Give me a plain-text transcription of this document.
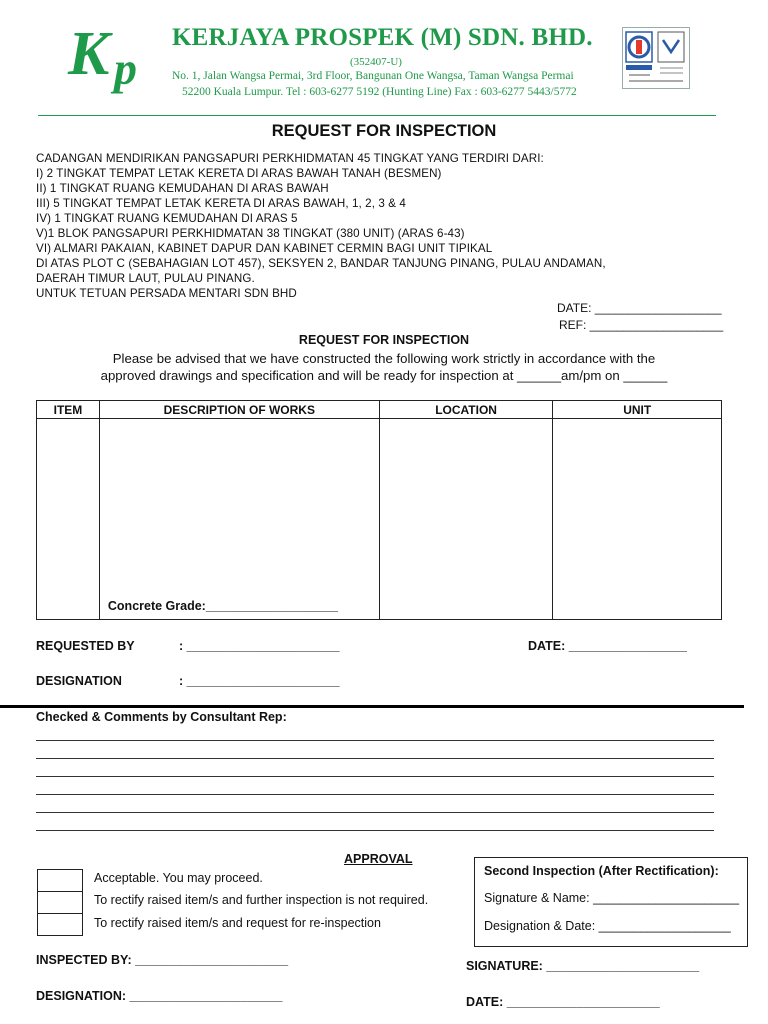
K p
KERJAYA PROSPEK (M) SDN. BHD.
(352407-U)
No. 1, Jalan Wangsa Permai, 3rd Floor, Bangunan One Wangsa, Taman Wangsa Permai
52200 Kuala Lumpur. Tel : 603-6277 5192 (Hunting Line) Fax : 603-6277 5443/5772
REQUEST FOR INSPECTION
CADANGAN MENDIRIKAN PANGSAPURI PERKHIDMATAN 45 TINGKAT YANG TERDIRI DARI:
I) 2 TINGKAT TEMPAT LETAK KERETA DI ARAS BAWAH TANAH (BESMEN)
II) 1 TINGKAT RUANG KEMUDAHAN DI ARAS BAWAH
III) 5 TINGKAT TEMPAT LETAK KERETA DI ARAS BAWAH, 1, 2, 3 & 4
IV) 1 TINGKAT RUANG KEMUDAHAN DI ARAS 5
V)1 BLOK PANGSAPURI PERKHIDMATAN 38 TINGKAT (380 UNIT) (ARAS 6-43)
VI) ALMARI PAKAIAN, KABINET DAPUR DAN KABINET CERMIN BAGI UNIT TIPIKAL
DI ATAS PLOT C (SEBAHAGIAN LOT 457), SEKSYEN 2, BANDAR TANJUNG PINANG, PULAU ANDAMAN,
DAERAH TIMUR LAUT, PULAU PINANG.
UNTUK TETUAN PERSADA MENTARI SDN BHD
DATE: ___________________
REF: ____________________
REQUEST FOR INSPECTION
Please be advised that we have constructed the following work strictly in accordance with the
approved drawings and specification and will be ready for inspection at ______am/pm on ______
ITEM	DESCRIPTION OF WORKS	LOCATION	UNIT

	Concrete Grade:___________________		

REQUESTED BY	: ______________________	DATE: _________________
DESIGNATION	: ______________________
Checked & Comments by Consultant Rep:
APPROVAL
Acceptable. You may proceed.
To rectify raised item/s and further inspection is not required.
To rectify raised item/s and request for re-inspection
Second Inspection (After Rectification):
Signature & Name: _____________________
Designation & Date: ___________________
INSPECTED BY: ______________________
DESIGNATION: ______________________
SIGNATURE: ______________________
DATE: ______________________
